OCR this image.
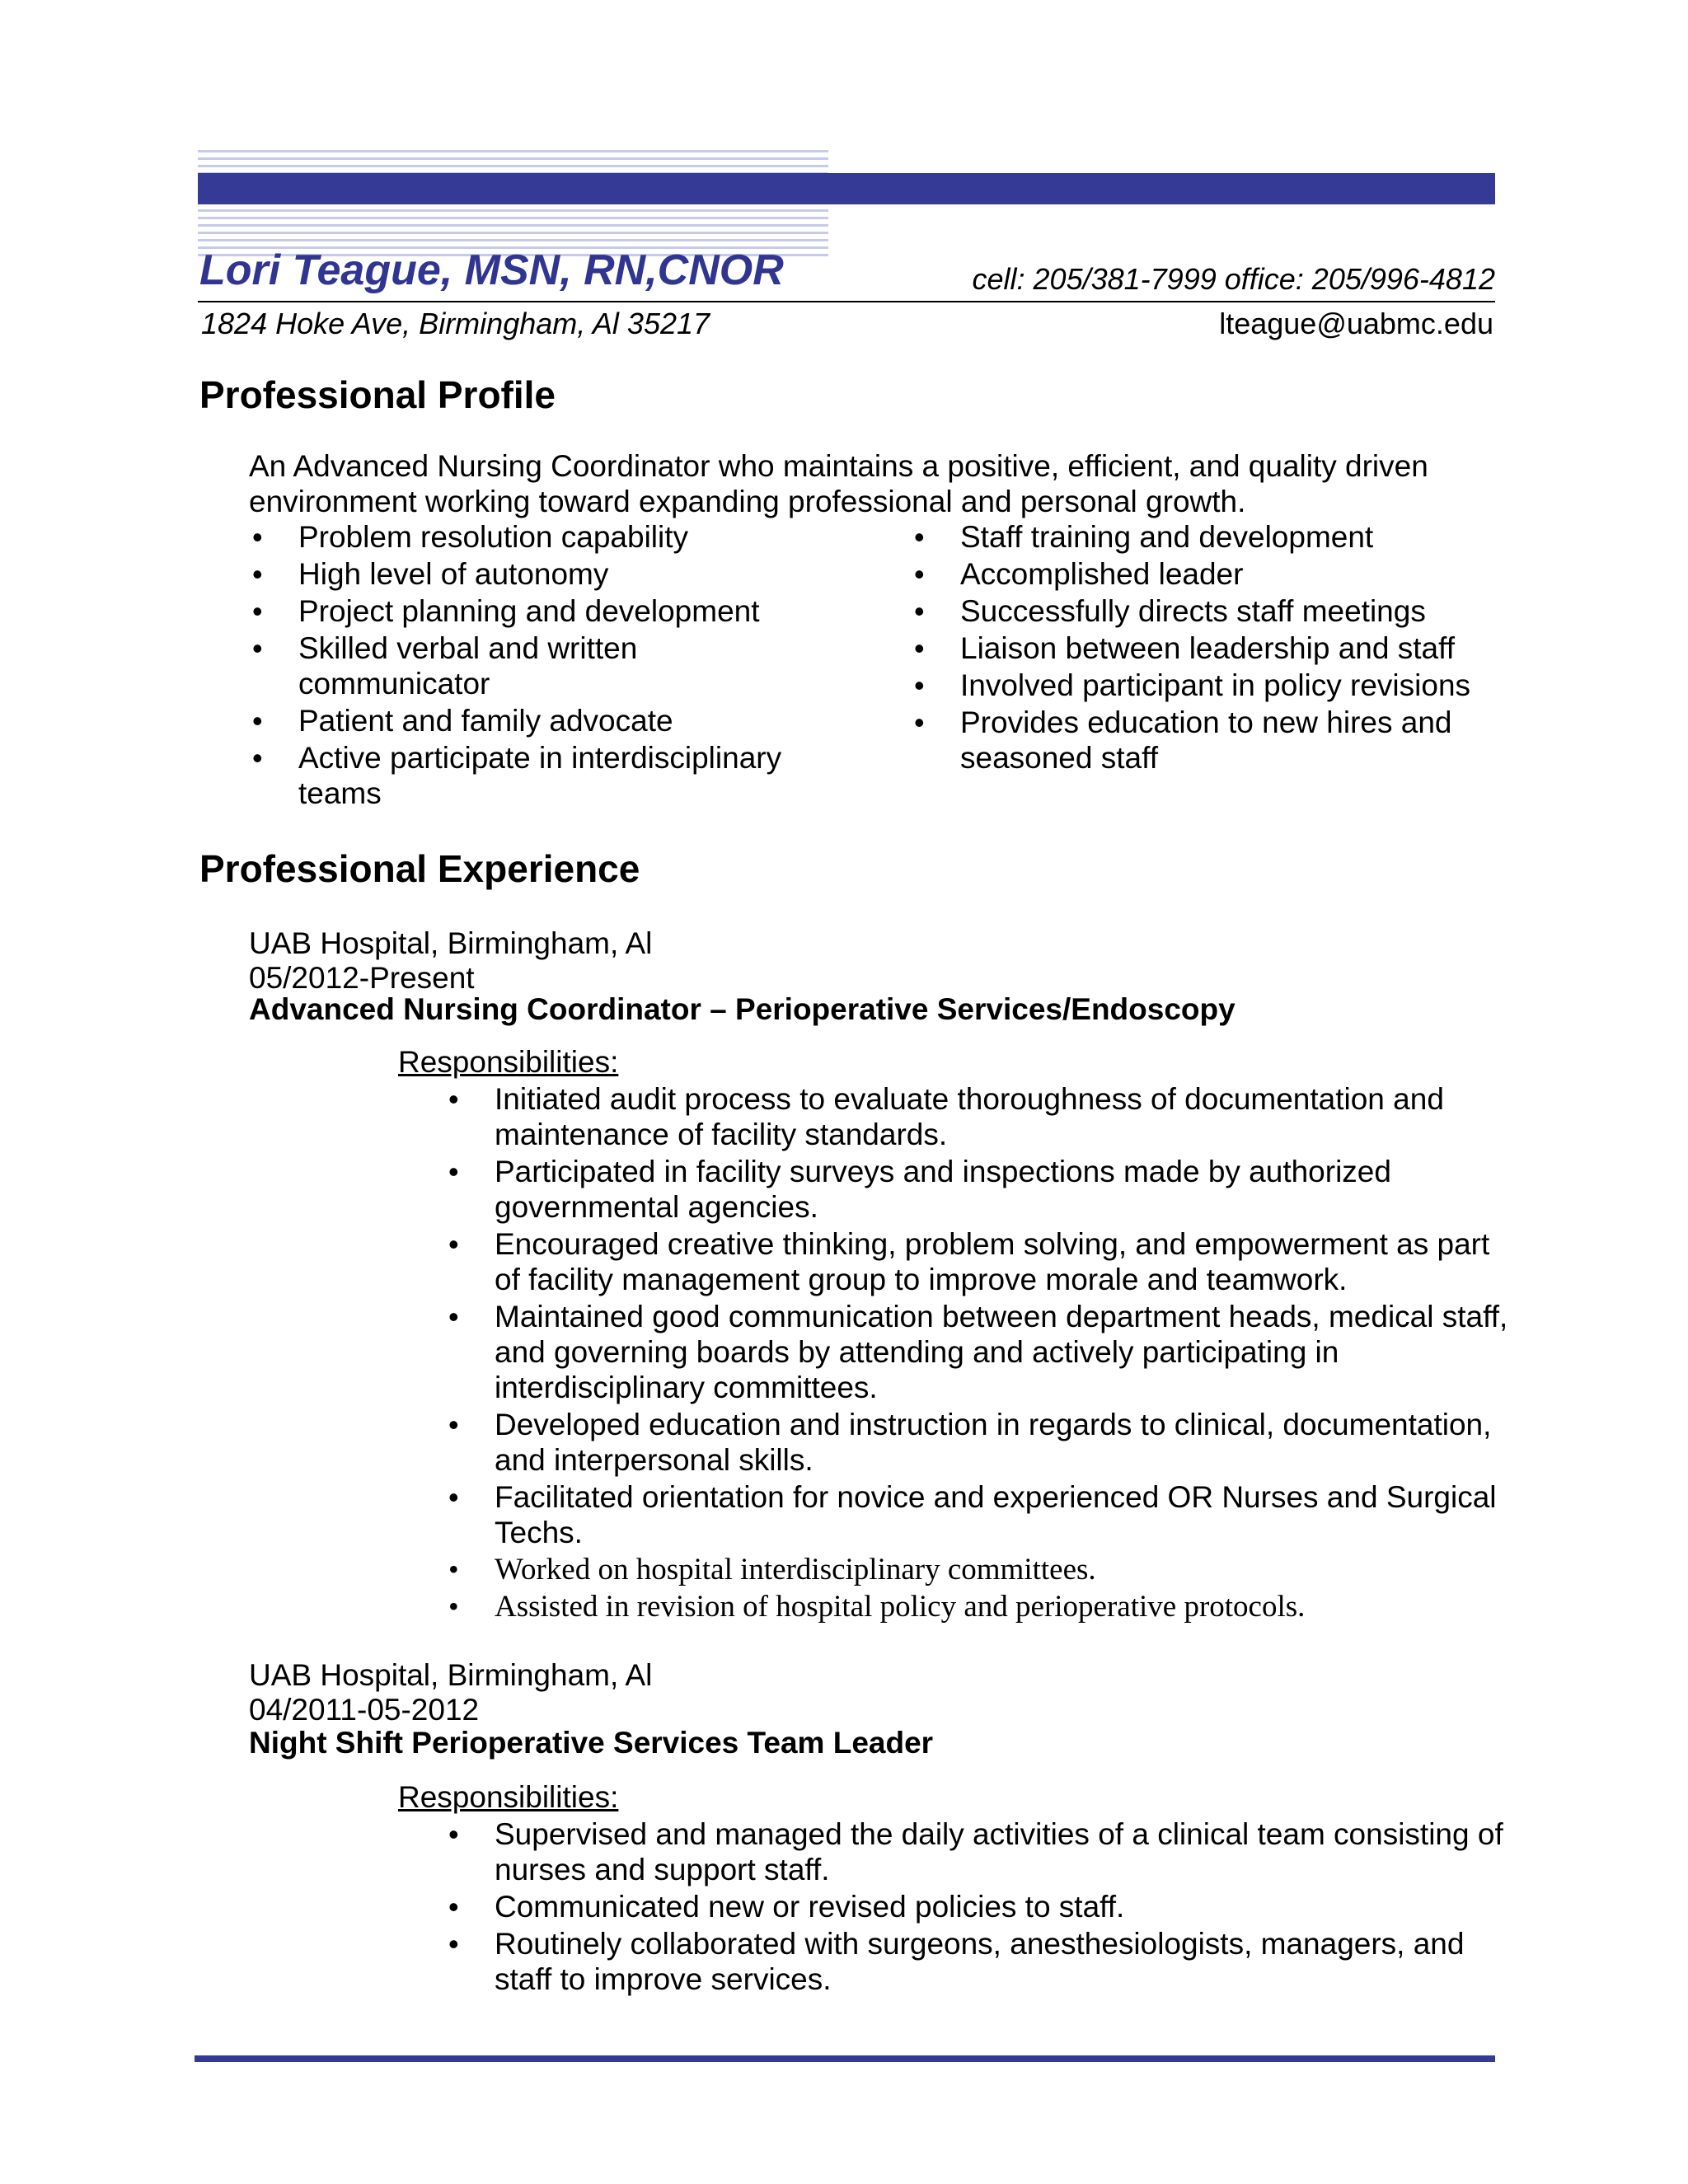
Lori Teague, MSN, RN,CNOR	cell: 205/381-7999 office: 205/996-4812
1824 Hoke Ave, Birmingham, Al 35217	lteague@uabmc.edu
Professional Profile
An Advanced Nursing Coordinator who maintains a positive, efficient, and quality driven environment working toward expanding professional and personal growth.
• Problem resolution capability
• High level of autonomy
• Project planning and development
• Skilled verbal and written communicator
• Patient and family advocate
• Active participate in interdisciplinary teams
• Staff training and development
• Accomplished leader
• Successfully directs staff meetings
• Liaison between leadership and staff
• Involved participant in policy revisions
• Provides education to new hires and seasoned staff
Professional Experience
UAB Hospital, Birmingham, Al
05/2012-Present
Advanced Nursing Coordinator – Perioperative Services/Endoscopy
Responsibilities:
• Initiated audit process to evaluate thoroughness of documentation and maintenance of facility standards.
• Participated in facility surveys and inspections made by authorized governmental agencies.
• Encouraged creative thinking, problem solving, and empowerment as part of facility management group to improve morale and teamwork.
• Maintained good communication between department heads, medical staff, and governing boards by attending and actively participating in interdisciplinary committees.
• Developed education and instruction in regards to clinical, documentation, and interpersonal skills.
• Facilitated orientation for novice and experienced OR Nurses and Surgical Techs.
• Worked on hospital interdisciplinary committees.
• Assisted in revision of hospital policy and perioperative protocols.
UAB Hospital, Birmingham, Al
04/2011-05-2012
Night Shift Perioperative Services Team Leader
Responsibilities:
• Supervised and managed the daily activities of a clinical team consisting of nurses and support staff.
• Communicated new or revised policies to staff.
• Routinely collaborated with surgeons, anesthesiologists, managers, and staff to improve services.
